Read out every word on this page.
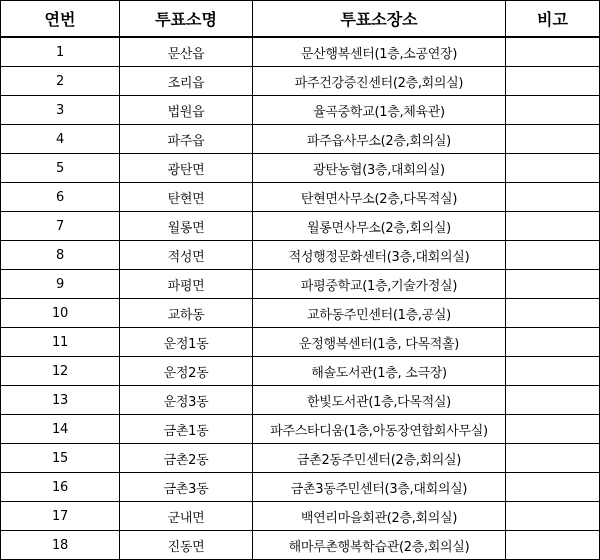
연번	투표소명	투표소장소	비고
1	문산읍	문산행복센터(1층,소공연장)	
2	조리읍	파주건강증진센터(2층,회의실)	
3	법원읍	율곡중학교(1층,체육관)	
4	파주읍	파주읍사무소(2층,회의실)	
5	광탄면	광탄농협(3층,대회의실)	
6	탄현면	탄현면사무소(2층,다목적실)	
7	월롱면	월롱면사무소(2층,회의실)	
8	적성면	적성행정문화센터(3층,대회의실)	
9	파평면	파평중학교(1층,기술가정실)	
10	교하동	교하동주민센터(1층,공실)	
11	운정1동	운정행복센터(1층, 다목적홀)	
12	운정2동	해솔도서관(1층, 소극장)	
13	운정3동	한빛도서관(1층,다목적실)	
14	금촌1동	파주스타디움(1층,아동장연합회사무실)	
15	금촌2동	금촌2동주민센터(2층,회의실)	
16	금촌3동	금촌3동주민센터(3층,대회의실)	
17	군내면	백연리마을회관(2층,회의실)	
18	진동면	해마루촌행복학습관(2층,회의실)	
